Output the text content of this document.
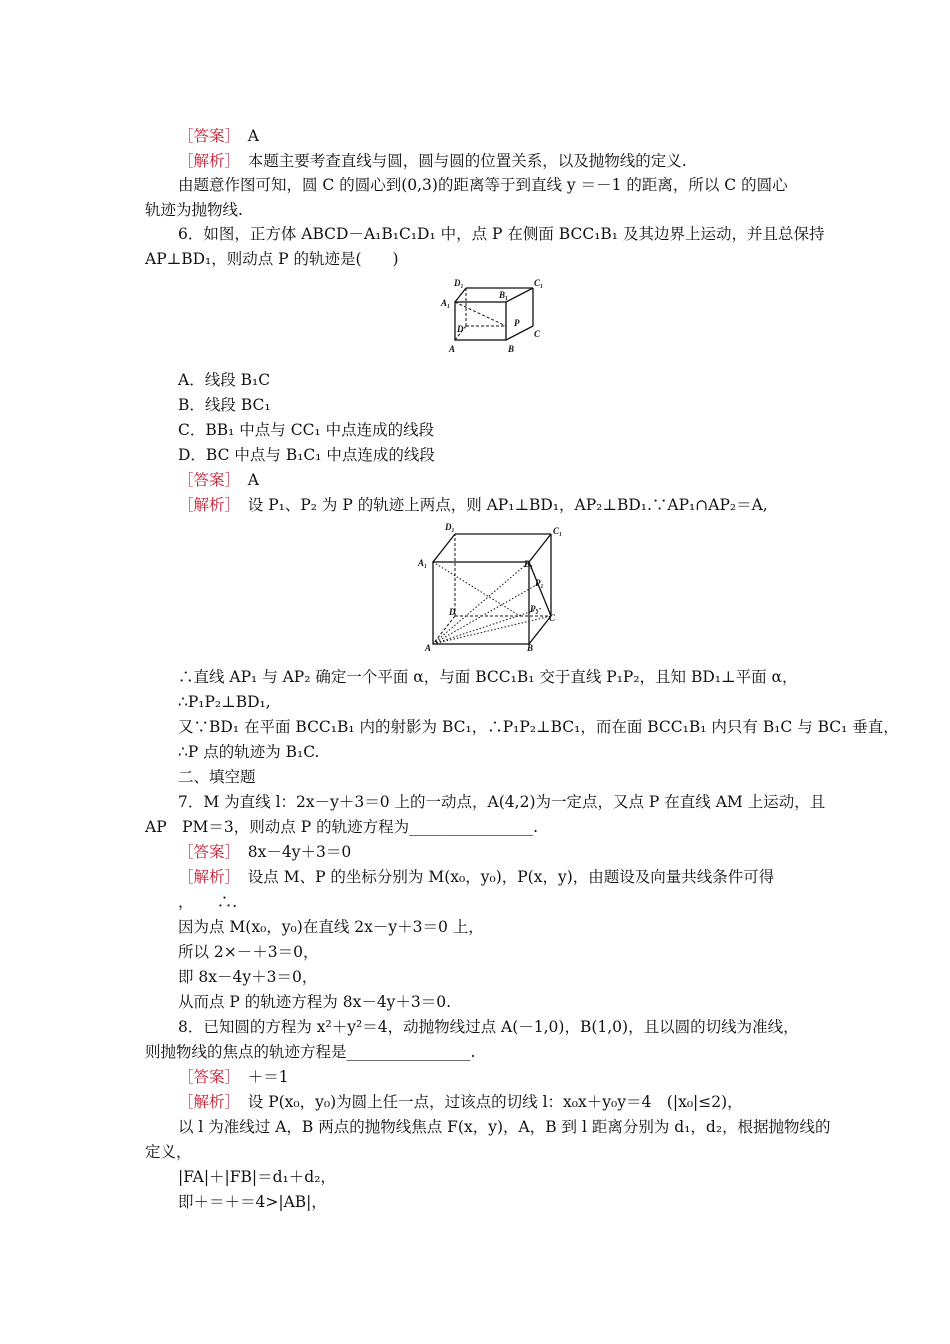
［答案］　A
［解析］　本题主要考查直线与圆，圆与圆的位置关系，以及抛物线的定义.
由题意作图可知，圆 C 的圆心到(0,3)的距离等于到直线 y ＝－1 的距离，所以 C 的圆心
轨迹为抛物线.
6．如图，正方体 ABCD－A₁B₁C₁D₁ 中，点 P 在侧面 BCC₁B₁ 及其边界上运动，并且总保持
AP⊥BD₁，则动点 P 的轨迹是(　　)
D₁	C₁
B₁
A₁
D
P
C
A	B
A．线段 B₁C
B．线段 BC₁
C．BB₁ 中点与 CC₁ 中点连成的线段
D．BC 中点与 B₁C₁ 中点连成的线段
［答案］　A
［解析］　设 P₁、P₂ 为 P 的轨迹上两点，则 AP₁⊥BD₁，AP₂⊥BD₁.∵AP₁∩AP₂＝A,
D₁	C₁
A₁	B₁
P₁
D	P₂
C
A	B
∴直线 AP₁ 与 AP₂ 确定一个平面 α，与面 BCC₁B₁ 交于直线 P₁P₂，且知 BD₁⊥平面 α，
∴P₁P₂⊥BD₁,
又∵BD₁ 在平面 BCC₁B₁ 内的射影为 BC₁，∴P₁P₂⊥BC₁，而在面 BCC₁B₁ 内只有 B₁C 与 BC₁ 垂直，
∴P 点的轨迹为 B₁C.
二、填空题
7．M 为直线 l：2x－y＋3＝0 上的一动点，A(4,2)为一定点，又点 P 在直线 AM 上运动，且
AP　PM＝3，则动点 P 的轨迹方程为________________.
［答案］　8x－4y＋3＝0
［解析］　设点 M、P 的坐标分别为 M(x₀，y₀)，P(x，y)，由题设及向量共线条件可得
，　　∴.
因为点 M(x₀，y₀)在直线 2x－y＋3＝0 上，
所以 2×－＋3＝0，
即 8x－4y＋3＝0，
从而点 P 的轨迹方程为 8x－4y＋3＝0.
8．已知圆的方程为 x²＋y²＝4，动抛物线过点 A(－1,0)，B(1,0)，且以圆的切线为准线，
则抛物线的焦点的轨迹方程是________________.
［答案］　＋＝1
［解析］　设 P(x₀，y₀)为圆上任一点，过该点的切线 l：x₀x＋y₀y＝4　(|x₀|≤2)，
以 l 为准线过 A，B 两点的抛物线焦点 F(x，y)，A，B 到 l 距离分别为 d₁，d₂，根据抛物线的
定义，
|FA|＋|FB|＝d₁＋d₂，
即＋＝＋＝4>|AB|，
